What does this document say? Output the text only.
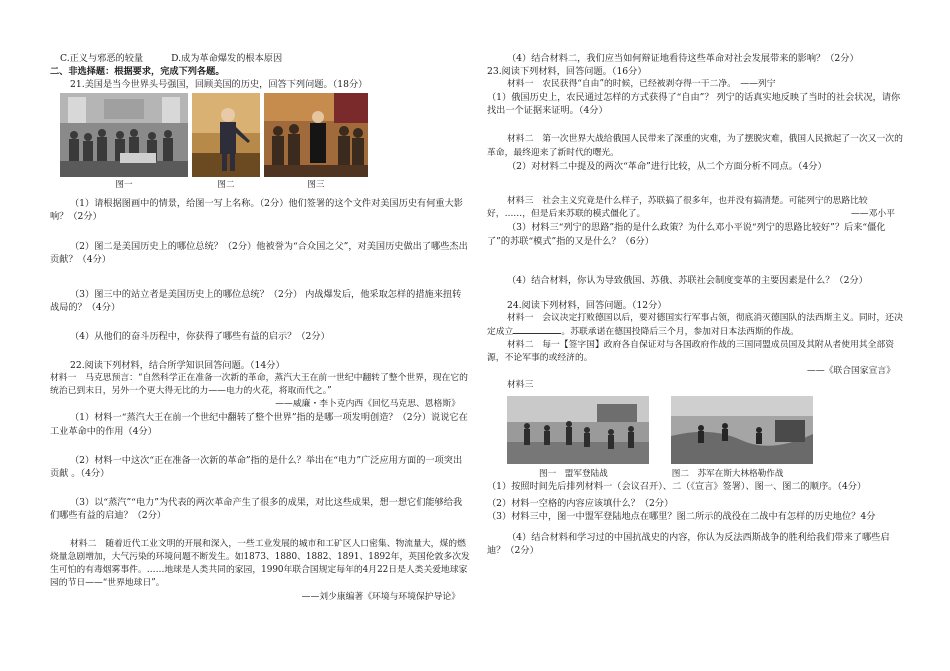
C.正义与邪恶的较量	D.成为革命爆发的根本原因

二、非选择题：根据要求，完成下列各题。

21.美国是当今世界头号强国，回顾美国的历史，回答下列问题。（18分）

图一	图二	图三

（1）请根据图画中的情景，给图一写上名称。（2分）他们签署的这个文件对美国历史有何重大影响？（2分）

（2）图二是美国历史上的哪位总统？（2分）他被誉为“合众国之父”，对美国历史做出了哪些杰出贡献？（4分）

（3）图三中的站立者是美国历史上的哪位总统？（2分） 内战爆发后，他采取怎样的措施来扭转战局的？（4分）

（4）从他们的奋斗历程中，你获得了哪些有益的启示？（2分）

22.阅读下列材料，结合所学知识回答问题。（14分）

材料一　马克思预言：“自然科学正在准备一次新的革命，蒸汽大王在前一世纪中翻转了整个世界，现在它的统治已到末日，另外一个更大得无比的力——电力的火花，将取而代之。”

——威廉・李卜克内西《回忆马克思、恩格斯》

（1）材料一“蒸汽大王在前一个世纪中翻转了整个世界”指的是哪一项发明创造？（2分）说说它在工业革命中的作用（4分）

（2）材料一中这次“正在准备一次新的革命”指的是什么？举出在“电力”广泛应用方面的一项突出贡献 。（4分）

（3）以“蒸汽”“电力”为代表的两次革命产生了很多的成果，对比这些成果，想一想它们能够给我们哪些有益的启迪？（2分）

材料二　随着近代工业文明的开展和深入，一些工业发展的城市和工矿区人口密集、物流量大，煤的燃烧量急剧增加，大气污染的环境问题不断发生。如1873、1880、1882、1891、1892年，英国伦敦多次发生可怕的有毒烟雾事件。……地球是人类共同的家园，1990年联合国规定每年的4月22日是人类关爱地球家园的节日——“世界地球日”。

——刘少康编著《环境与环境保护导论》

（4）结合材料二，我们应当如何辩证地看待这些革命对社会发展带来的影响？（2分）

23.阅读下列材料，回答问题。（16分）

材料一　农民获得“自由”的时候，已经被剥夺得一干二净。　——列宁

（1）俄国历史上，农民通过怎样的方式获得了“自由”？ 列宁的话真实地反映了当时的社会状况，请你找出一个证据来证明。（4分）

材料二　第一次世界大战给俄国人民带来了深重的灾难，为了摆脱灾难，俄国人民掀起了一次又一次的革命，最终迎来了新时代的曙光。

（2）对材料二中提及的两次“革命”进行比较，从二个方面分析不同点。（4分）

材料三　社会主义究竟是什么样子，苏联搞了很多年，也并没有搞清楚。可能列宁的思路比较好，……，但是后来苏联的模式僵化了。	——邓小平

（3）材料三“列宁的思路”指的是什么政策？为什么邓小平说“列宁的思路比较好”？后来“僵化了”的苏联“模式”指的又是什么？（6分）

（4）结合材料，你认为导致俄国、苏俄、苏联社会制度变革的主要因素是什么？（2分）

24.阅读下列材料，回答问题。（12分）

材料一　会议决定打败德国以后，要对德国实行军事占领，彻底消灭德国队的法西斯主义。同时，还决定成立	。苏联承诺在德国投降后三个月，参加对日本法西斯的作战。

材料二　每一【签字国】政府各自保证对与各国政府作战的三国同盟成员国及其附从者使用其全部资源，不论军事的或经济的。

——《联合国家宣言》

材料三

图一　盟军登陆战	图二　苏军在斯大林格勒作战

（1）按照时间先后排列材料一（会议召开）、二（《宣言》签署）、图一、图二的顺序。（4分）

（2）材料一空格的内容应该填什么？（2分）

（3）材料三中，图一中盟军登陆地点在哪里？图二所示的战役在二战中有怎样的历史地位？4分

（4）结合材料和学习过的中国抗战史的内容，你认为反法西斯战争的胜利给我们带来了哪些启迪？（2分）
